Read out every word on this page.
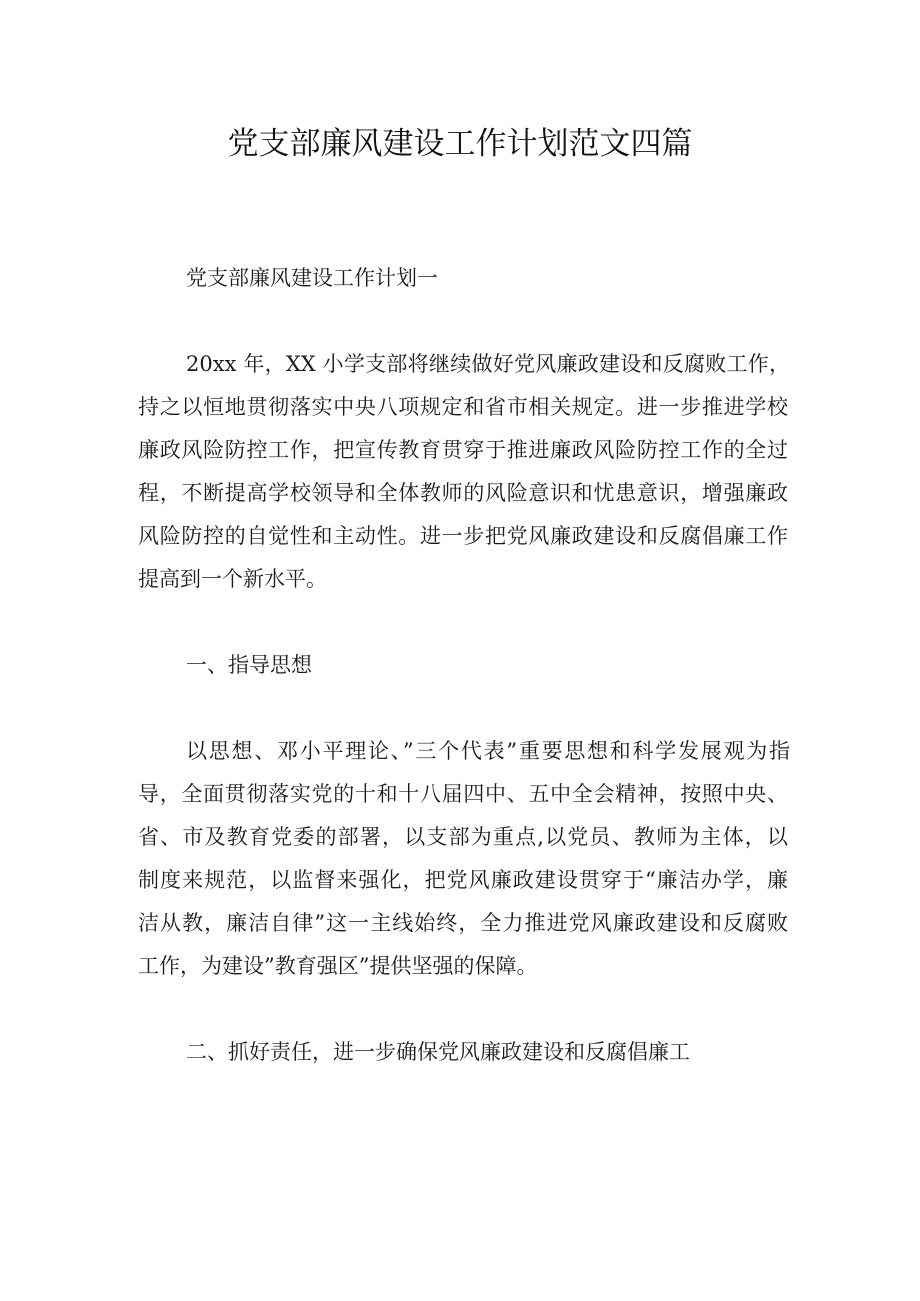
党支部廉风建设工作计划范文四篇

党支部廉风建设工作计划一

20xx 年，XX 小学支部将继续做好党风廉政建设和反腐败工作，

持之以恒地贯彻落实中央八项规定和省市相关规定。进一步推进学校

廉政风险防控工作，把宣传教育贯穿于推进廉政风险防控工作的全过

程，不断提高学校领导和全体教师的风险意识和忧患意识，增强廉政

风险防控的自觉性和主动性。进一步把党风廉政建设和反腐倡廉工作

提高到一个新水平。

一、指导思想

以思想、邓小平理论、”三个代表”重要思想和科学发展观为指

导，全面贯彻落实党的十和十八届四中、五中全会精神，按照中央、

省、市及教育党委的部署，以支部为重点,以党员、教师为主体，以

制度来规范，以监督来强化，把党风廉政建设贯穿于“廉洁办学，廉

洁从教，廉洁自律”这一主线始终，全力推进党风廉政建设和反腐败

工作，为建设”教育强区”提供坚强的保障。

二、抓好责任，进一步确保党风廉政建设和反腐倡廉工
